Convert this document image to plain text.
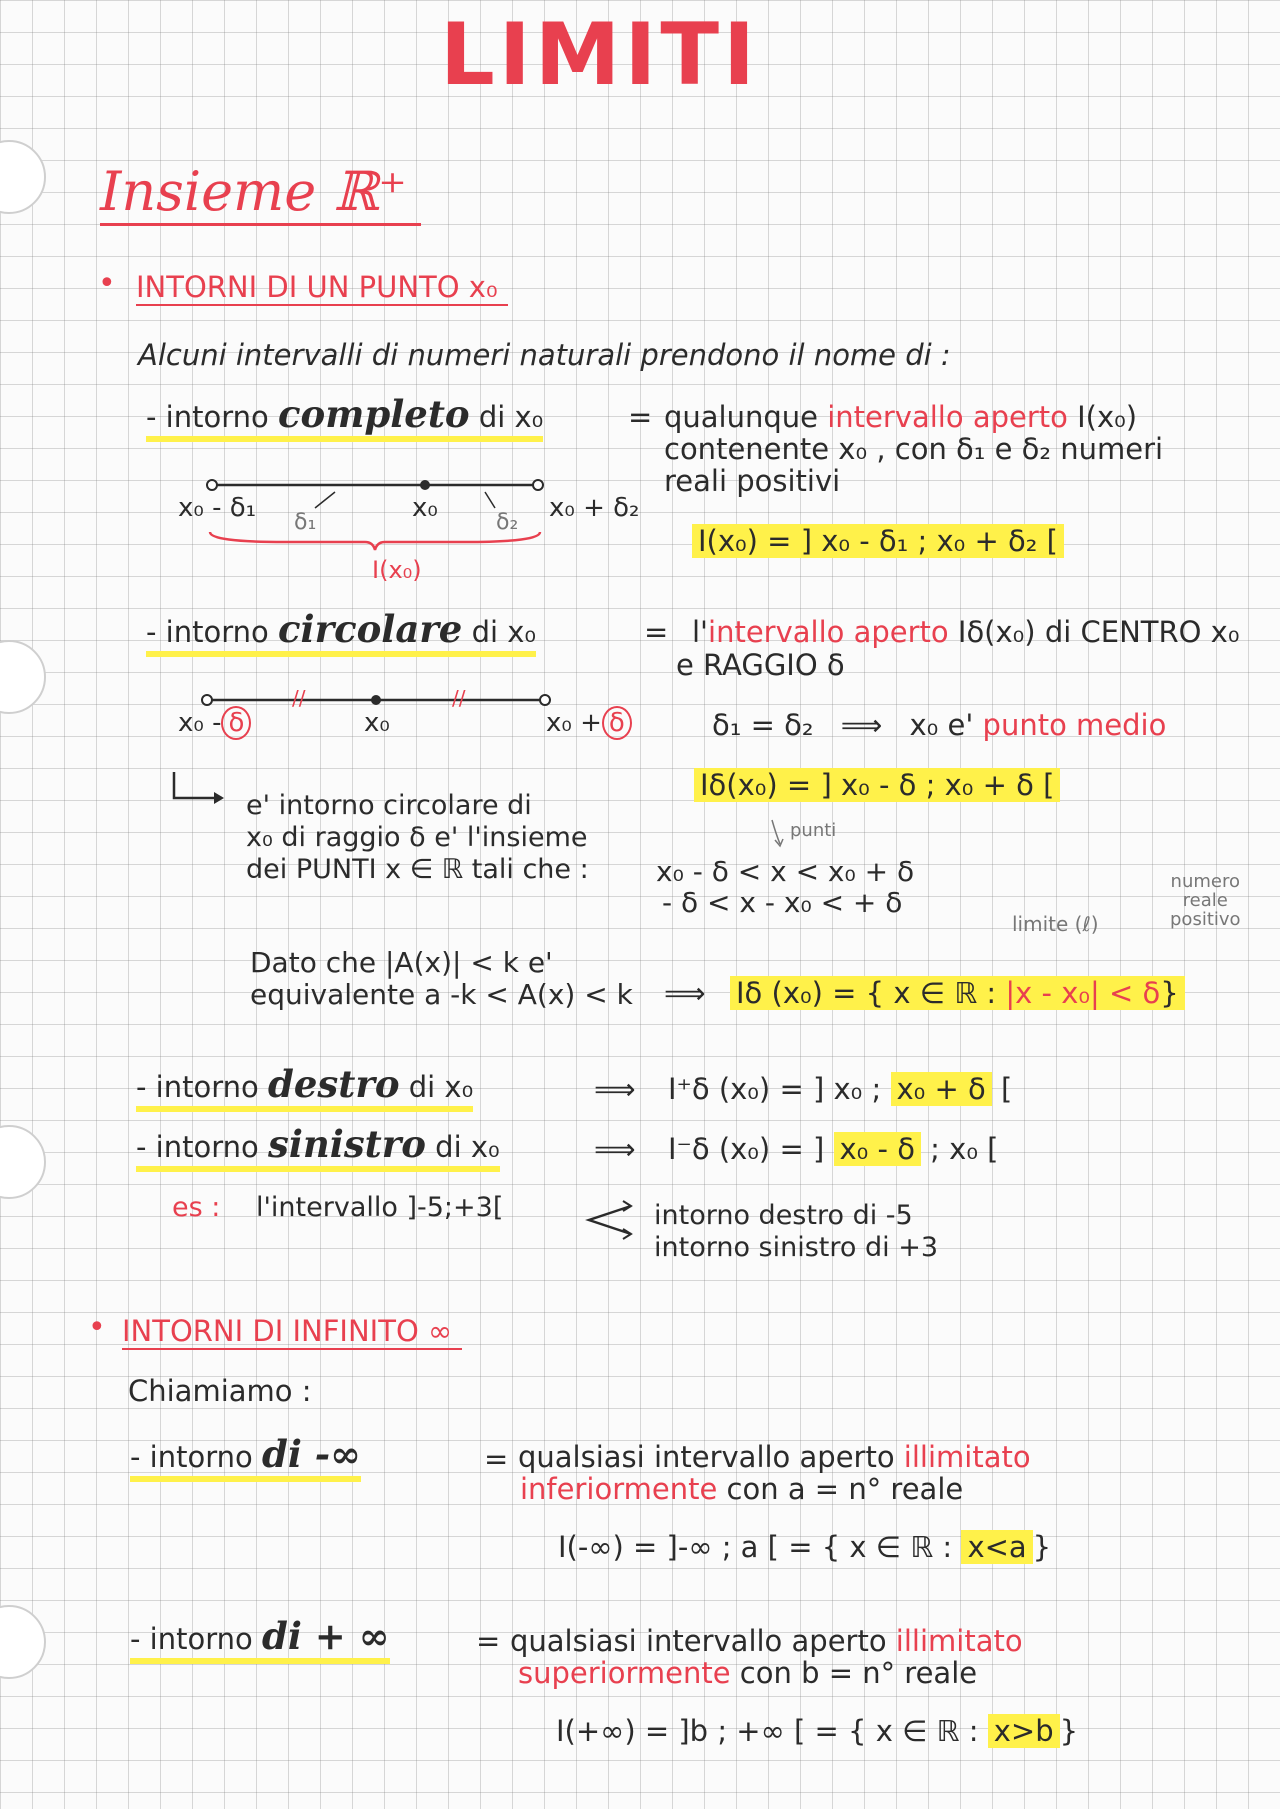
LIMITI
Insieme ℝ⁺
• INTORNI DI UN PUNTO x₀
Alcuni intervalli di numeri naturali prendono il nome di :
- intorno completo di x₀	= qualunque intervallo aperto I(x₀)
contenente x₀ , con δ₁ e δ₂ numeri
reali positivi
x₀ - δ₁ δ₁	x₀	δ₂ x₀ + δ₂
I(x₀)
I(x₀) = ] x₀ - δ₁ ; x₀ + δ₂ [
- intorno circolare di x₀	= l'intervallo aperto Iδ(x₀) di CENTRO x₀
e RAGGIO δ
//	//
x₀ - δ	x₀	x₀ + δ	δ₁ = δ₂ ⟹ x₀ e' punto medio
Iδ(x₀) = ] x₀ - δ ; x₀ + δ [
e' intorno circolare di
x₀ di raggio δ e' l'insieme
dei PUNTI x ∈ ℝ tali che :
punti
x₀ - δ < x < x₀ + δ
- δ < x - x₀ < + δ
numero
reale
positivo
limite (ℓ)
Dato che |A(x)| < k e'
equivalente a -k < A(x) < k ⟹ Iδ (x₀) = { x ∈ ℝ : |x - x₀| < δ}
- intorno destro di x₀	⟹ I⁺δ (x₀) = ] x₀ ; x₀ + δ [
- intorno sinistro di x₀	⟹ I⁻δ (x₀) = ] x₀ - δ ; x₀ [
es : l'intervallo ]-5;+3[	intorno destro di -5
intorno sinistro di +3
• INTORNI DI INFINITO ∞
Chiamiamo :
- intorno di -∞	= qualsiasi intervallo aperto illimitato
inferiormente con a = n° reale
I(-∞) = ]-∞ ; a [ = { x ∈ ℝ : x<a }
- intorno di + ∞	= qualsiasi intervallo aperto illimitato
superiormente con b = n° reale
I(+∞) = ]b ; +∞ [ = { x ∈ ℝ : x>b }
